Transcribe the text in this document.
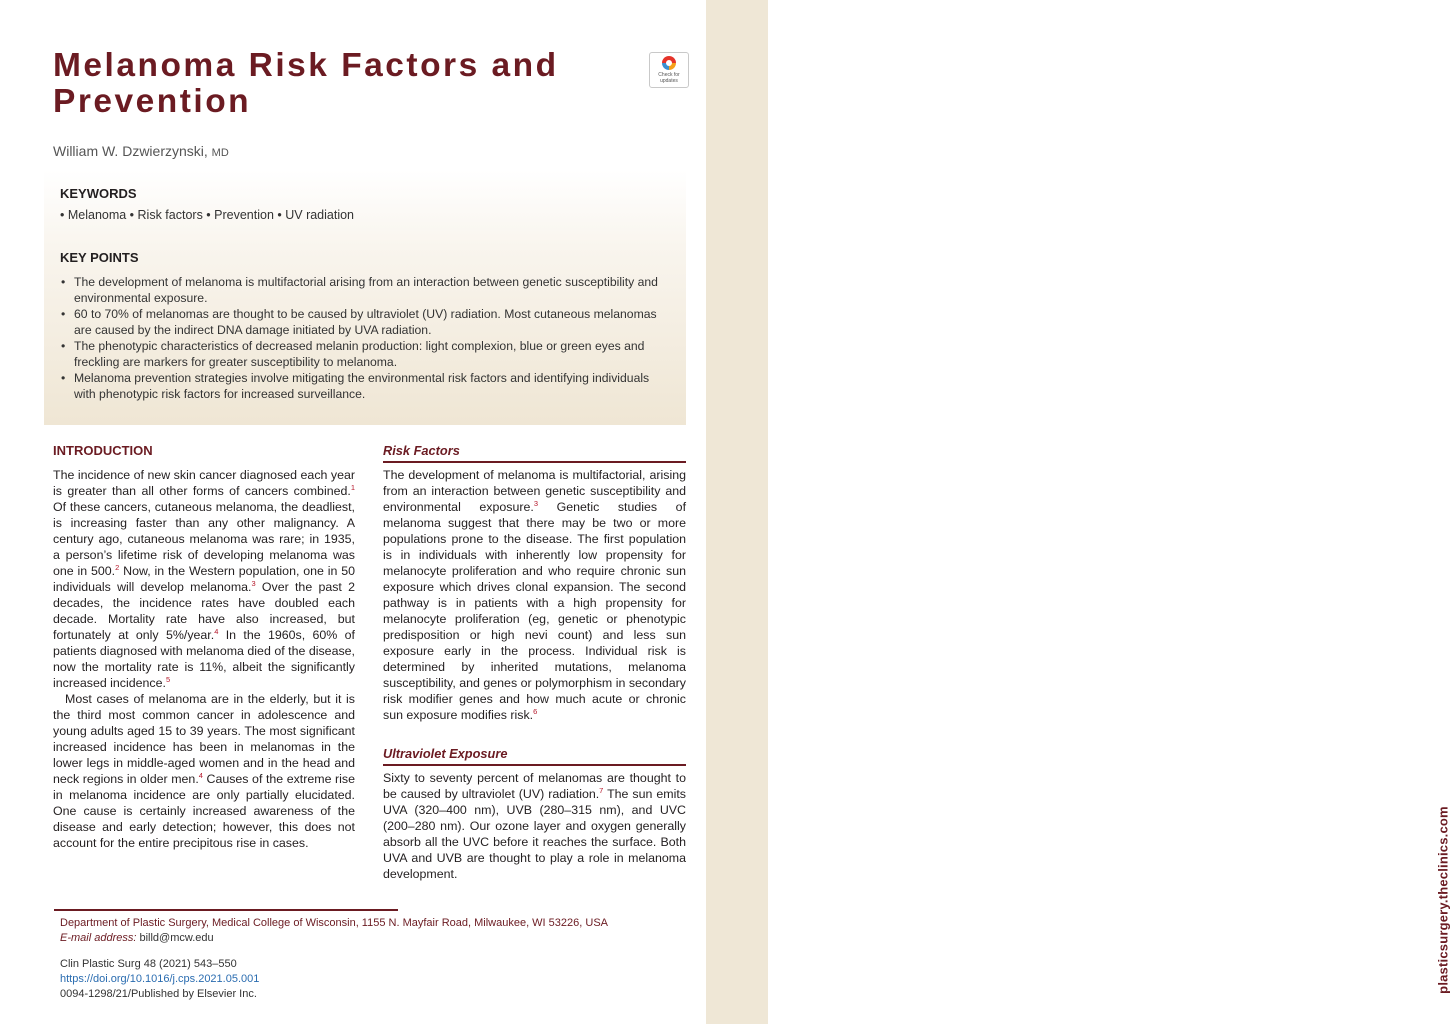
plasticsurgery.theclinics.com
Melanoma Risk Factors and Prevention
Check for updates
William W. Dzwierzynski, MD
KEYWORDS
• Melanoma • Risk factors • Prevention • UV radiation
KEY POINTS
• The development of melanoma is multifactorial arising from an interaction between genetic susceptibility and environmental exposure.
• 60 to 70% of melanomas are thought to be caused by ultraviolet (UV) radiation. Most cutaneous melanomas are caused by the indirect DNA damage initiated by UVA radiation.
• The phenotypic characteristics of decreased melanin production: light complexion, blue or green eyes and freckling are markers for greater susceptibility to melanoma.
• Melanoma prevention strategies involve mitigating the environmental risk factors and identifying individuals with phenotypic risk factors for increased surveillance.
INTRODUCTION

The incidence of new skin cancer diagnosed each year is greater than all other forms of cancers combined.$^1$ Of these cancers, cutaneous melanoma, the deadliest, is increasing faster than any other malignancy. A century ago, cutaneous melanoma was rare; in 1935, a person’s lifetime risk of developing melanoma was one in 500.$^2$ Now, in the Western population, one in 50 individuals will develop melanoma.$^3$ Over the past 2 decades, the incidence rates have doubled each decade. Mortality rate have also increased, but fortunately at only 5%/year.$^4$ In the 1960s, 60% of patients diagnosed with melanoma died of the disease, now the mortality rate is 11%, albeit the significantly increased incidence.$^5$

Most cases of melanoma are in the elderly, but it is the third most common cancer in adolescence and young adults aged 15 to 39 years. The most significant increased incidence has been in melanomas in the lower legs in middle-aged women and in the head and neck regions in older men.$^4$ Causes of the extreme rise in melanoma incidence are only partially elucidated. One cause is certainly increased awareness of the disease and early detection; however, this does not account for the entire precipitous rise in cases.

Risk Factors

The development of melanoma is multifactorial, arising from an interaction between genetic susceptibility and environmental exposure.$^3$ Genetic studies of melanoma suggest that there may be two or more populations prone to the disease. The first population is in individuals with inherently low propensity for melanocyte proliferation and who require chronic sun exposure which drives clonal expansion. The second pathway is in patients with a high propensity for melanocyte proliferation (eg, genetic or phenotypic predisposition or high nevi count) and less sun exposure early in the process. Individual risk is determined by inherited mutations, melanoma susceptibility, and genes or polymorphism in secondary risk modifier genes and how much acute or chronic sun exposure modifies risk.$^6$

Ultraviolet Exposure

Sixty to seventy percent of melanomas are thought to be caused by ultraviolet (UV) radiation.$^7$ The sun emits UVA (320–400 nm), UVB (280–315 nm), and UVC (200–280 nm). Our ozone layer and oxygen generally absorb all the UVC before it reaches the surface. Both UVA and UVB are thought to play a role in melanoma development.

Department of Plastic Surgery, Medical College of Wisconsin, 1155 N. Mayfair Road, Milwaukee, WI 53226, USA
E-mail address: billd@mcw.edu
Clin Plastic Surg 48 (2021) 543–550
https://doi.org/10.1016/j.cps.2021.05.001
0094-1298/21/Published by Elsevier Inc.
